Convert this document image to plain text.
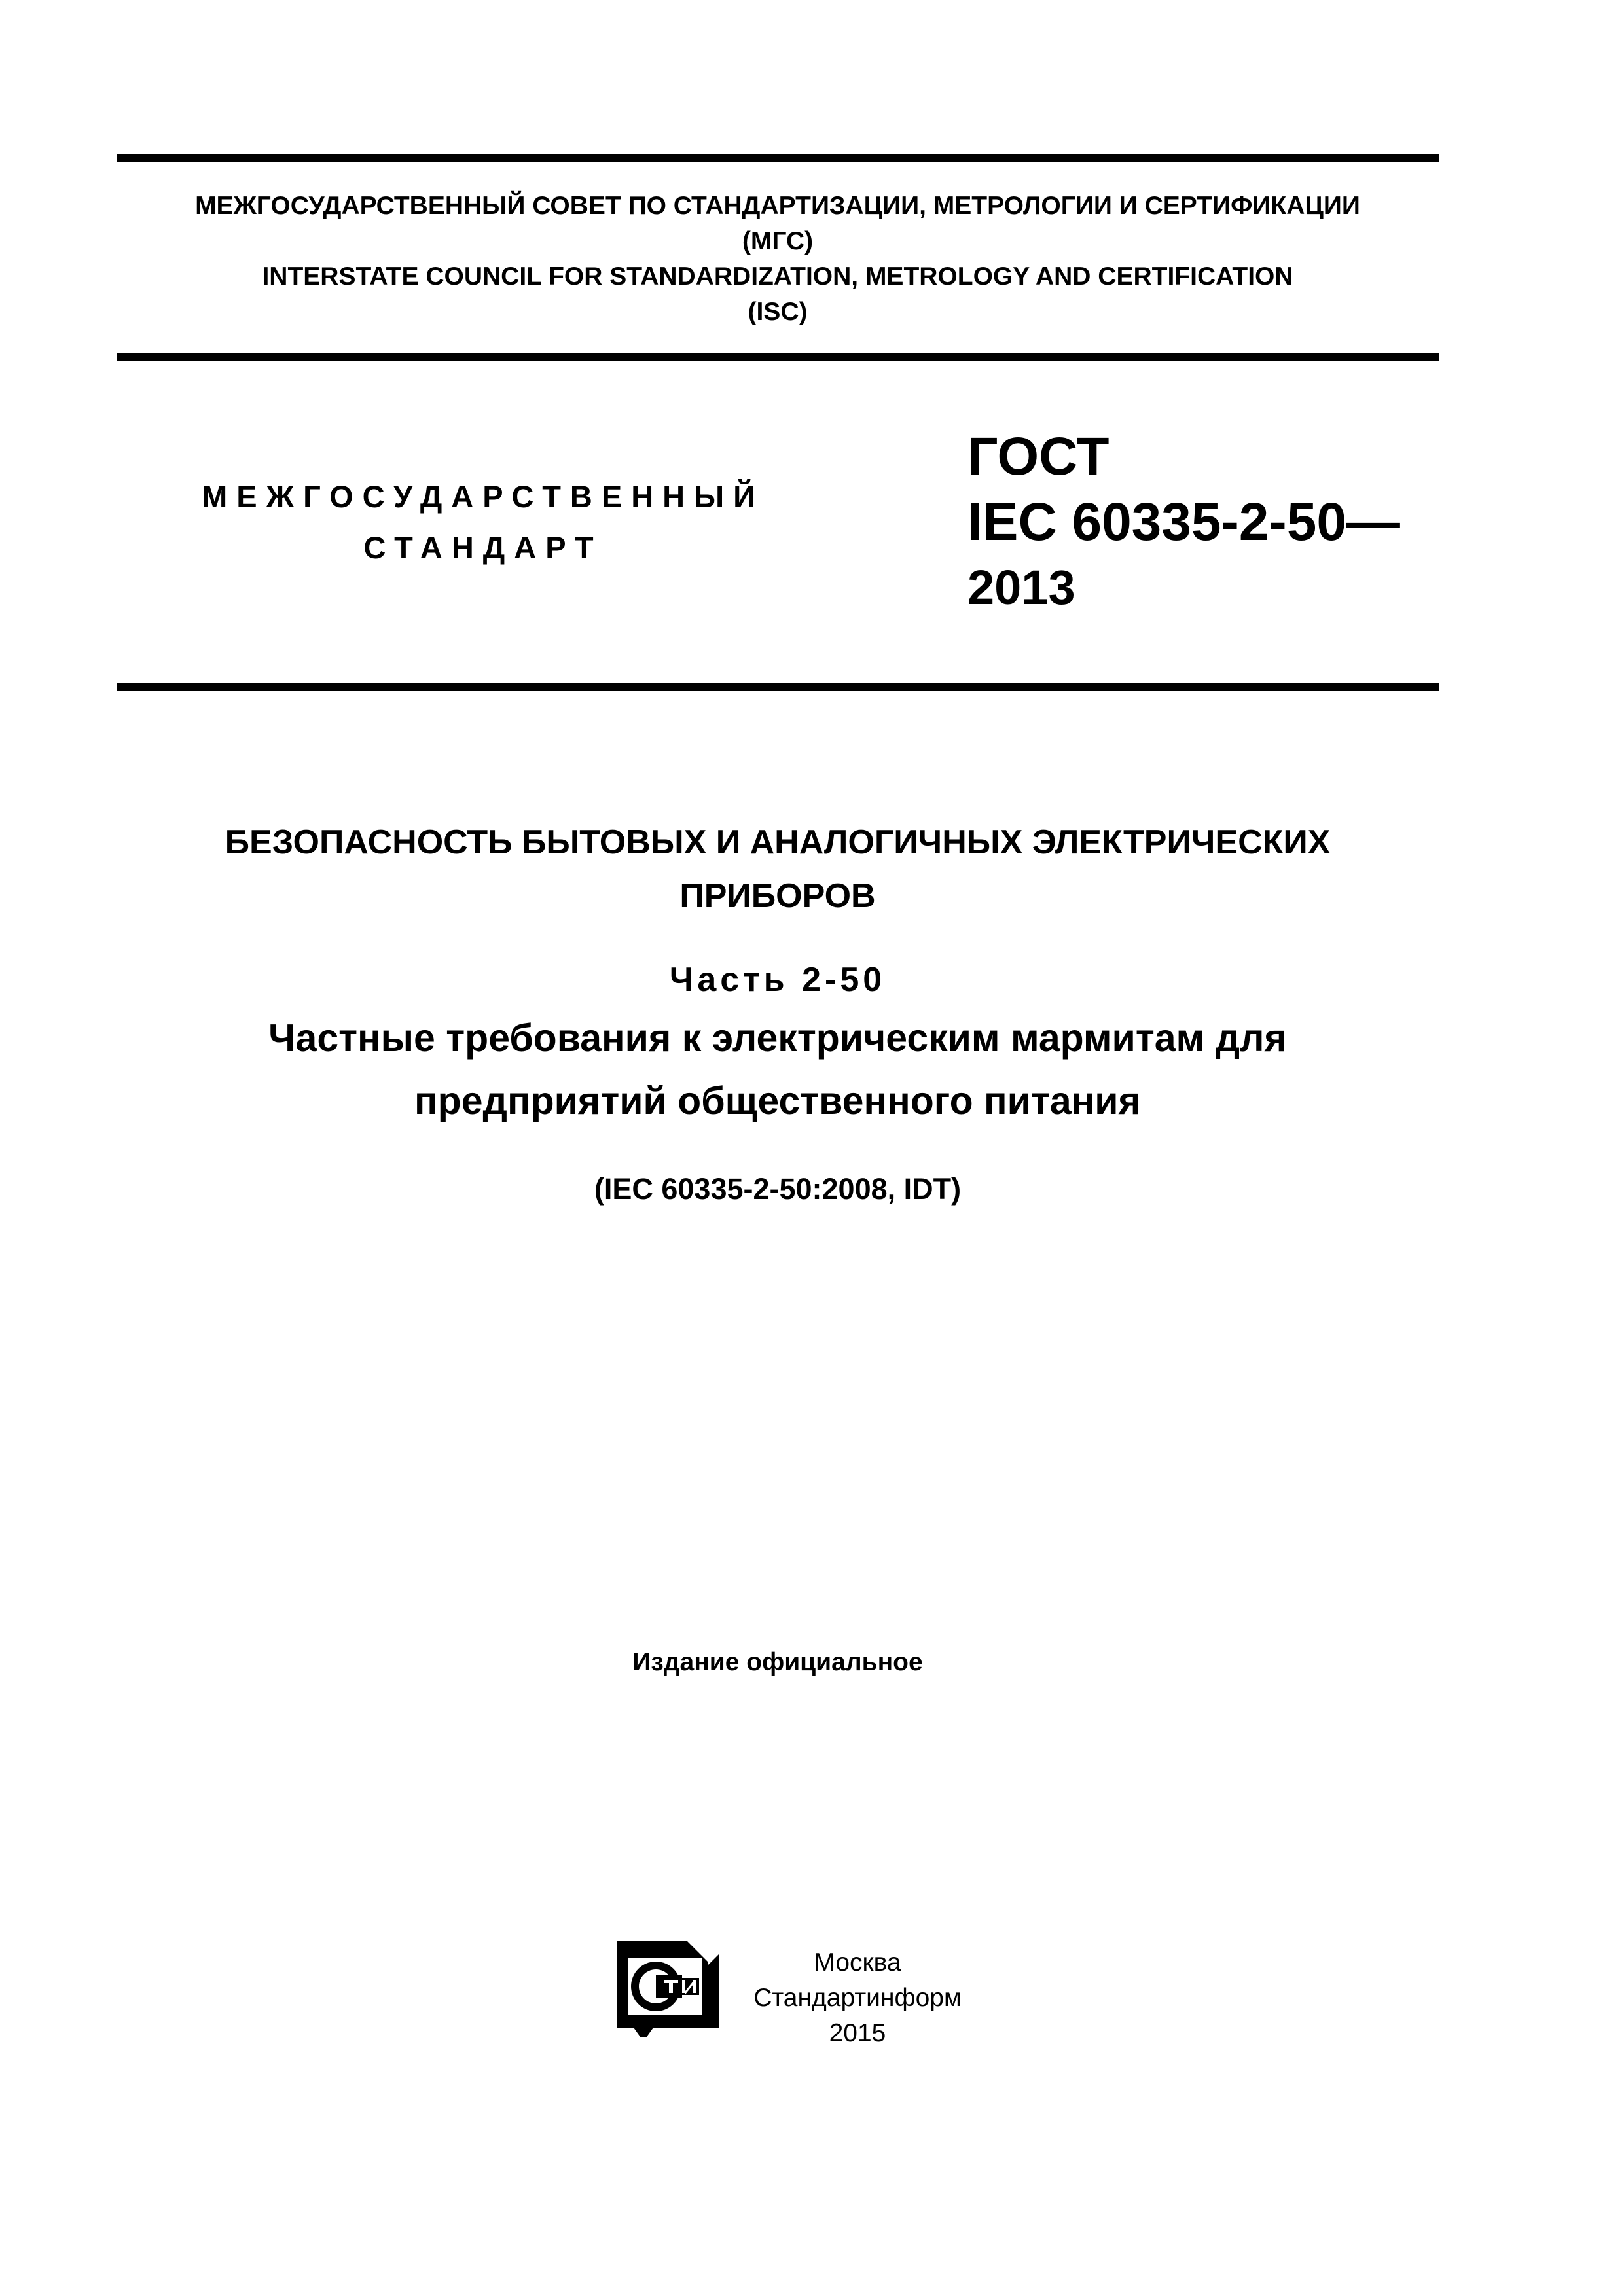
МЕЖГОСУДАРСТВЕННЫЙ СОВЕТ ПО СТАНДАРТИЗАЦИИ, МЕТРОЛОГИИ И СЕРТИФИКАЦИИ
(МГС)
INTERSTATE COUNCIL FOR STANDARDIZATION, METROLOGY AND CERTIFICATION
(ISC)
МЕЖГОСУДАРСТВЕННЫЙ
СТАНДАРТ
ГОСТ
IEC 60335-2-50—
2013
БЕЗОПАСНОСТЬ БЫТОВЫХ И АНАЛОГИЧНЫХ ЭЛЕКТРИЧЕСКИХ
ПРИБОРОВ
Часть 2-50
Частные требования к электрическим мармитам для
предприятий общественного питания
(IEC 60335-2-50:2008, IDT)
Издание официальное
Москва
Стандартинформ
2015
